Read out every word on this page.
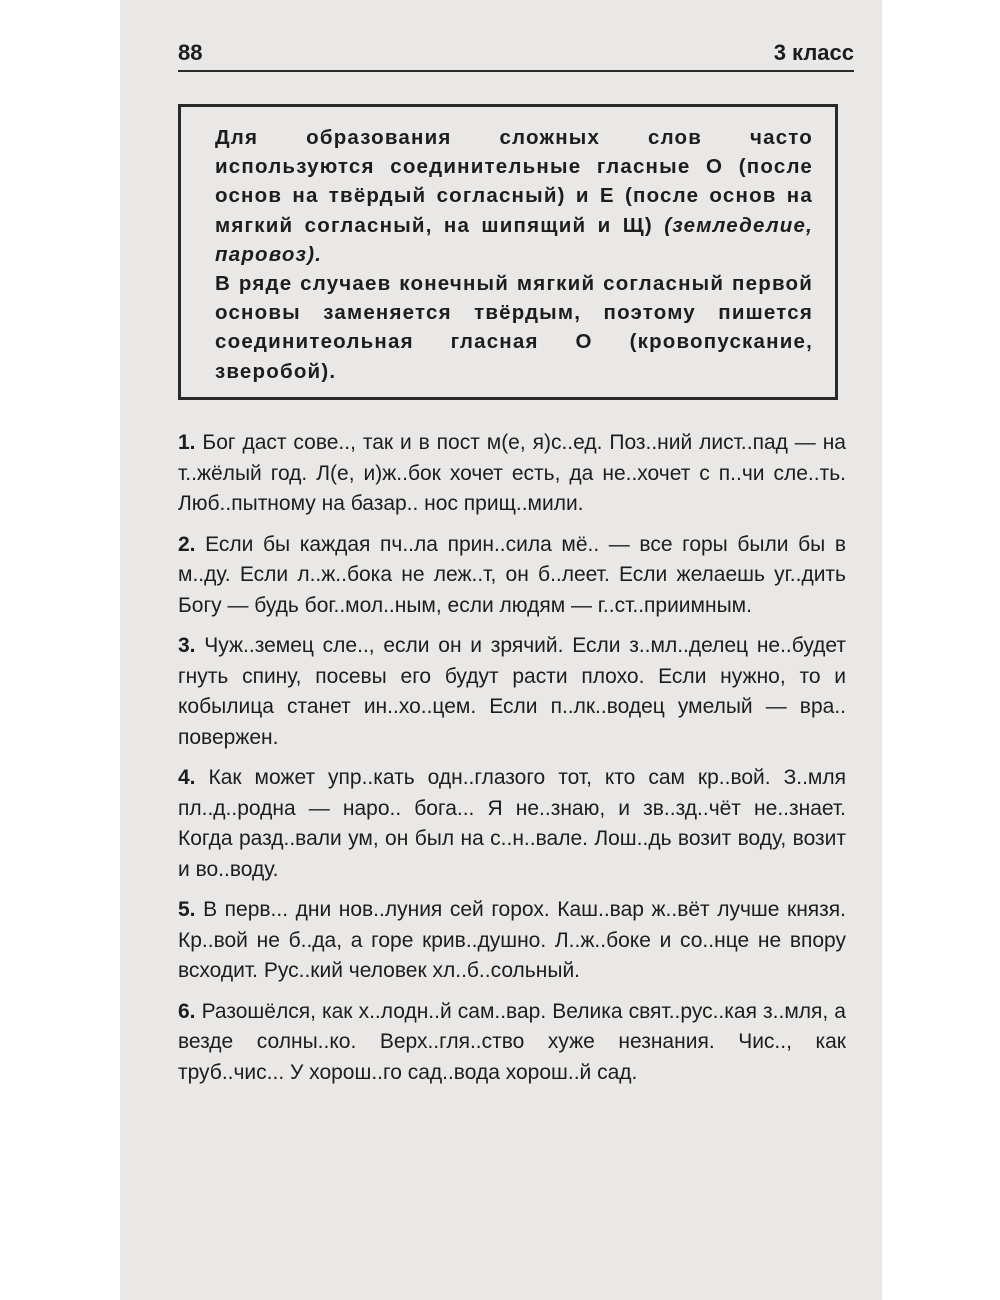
88	3 класс

Для образования сложных слов часто используются соединительные гласные О (после основ на твёрдый согласный) и Е (после основ на мягкий согласный, на шипящий и Щ) (земледелие, паровоз).

В ряде случаев конечный мягкий согласный первой основы заменяется твёрдым, поэтому пишется соединитеольная гласная О (кровопускание, зверобой).

1. Бог даст сове.., так и в пост м(е, я)с..ед. Поз..ний лист..пад — на т..жёлый год. Л(е, и)ж..бок хочет есть, да не..хочет с п..чи сле..ть. Люб..пытному на базар.. нос прищ..мили.

2. Если бы каждая пч..ла прин..сила мё.. — все горы были бы в м..ду. Если л..ж..бока не леж..т, он б..леет. Если желаешь уг..дить Богу — будь бог..мол..ным, если людям — г..ст..приимным.

3. Чуж..земец сле.., если он и зрячий. Если з..мл..делец не..будет гнуть спину, посевы его будут расти плохо. Если нужно, то и кобылица станет ин..хо..цем. Если п..лк..водец умелый — вра.. повержен.

4. Как может упр..кать одн..глазого тот, кто сам кр..вой. З..мля пл..д..родна — наро.. бога... Я не..знаю, и зв..зд..чёт не..знает. Когда разд..вали ум, он был на с..н..вале. Лош..дь возит воду, возит и во..воду.

5. В перв... дни нов..луния сей горох. Каш..вар ж..вёт лучше князя. Кр..вой не б..да, а горе крив..душно. Л..ж..боке и со..нце не впору всходит. Рус..кий человек хл..б..сольный.

6. Разошёлся, как х..лодн..й сам..вар. Велика свят..рус..кая з..мля, а везде солны..ко. Верх..гля..ство хуже незнания. Чис.., как труб..чис... У хорош..го сад..вода хорош..й сад.
